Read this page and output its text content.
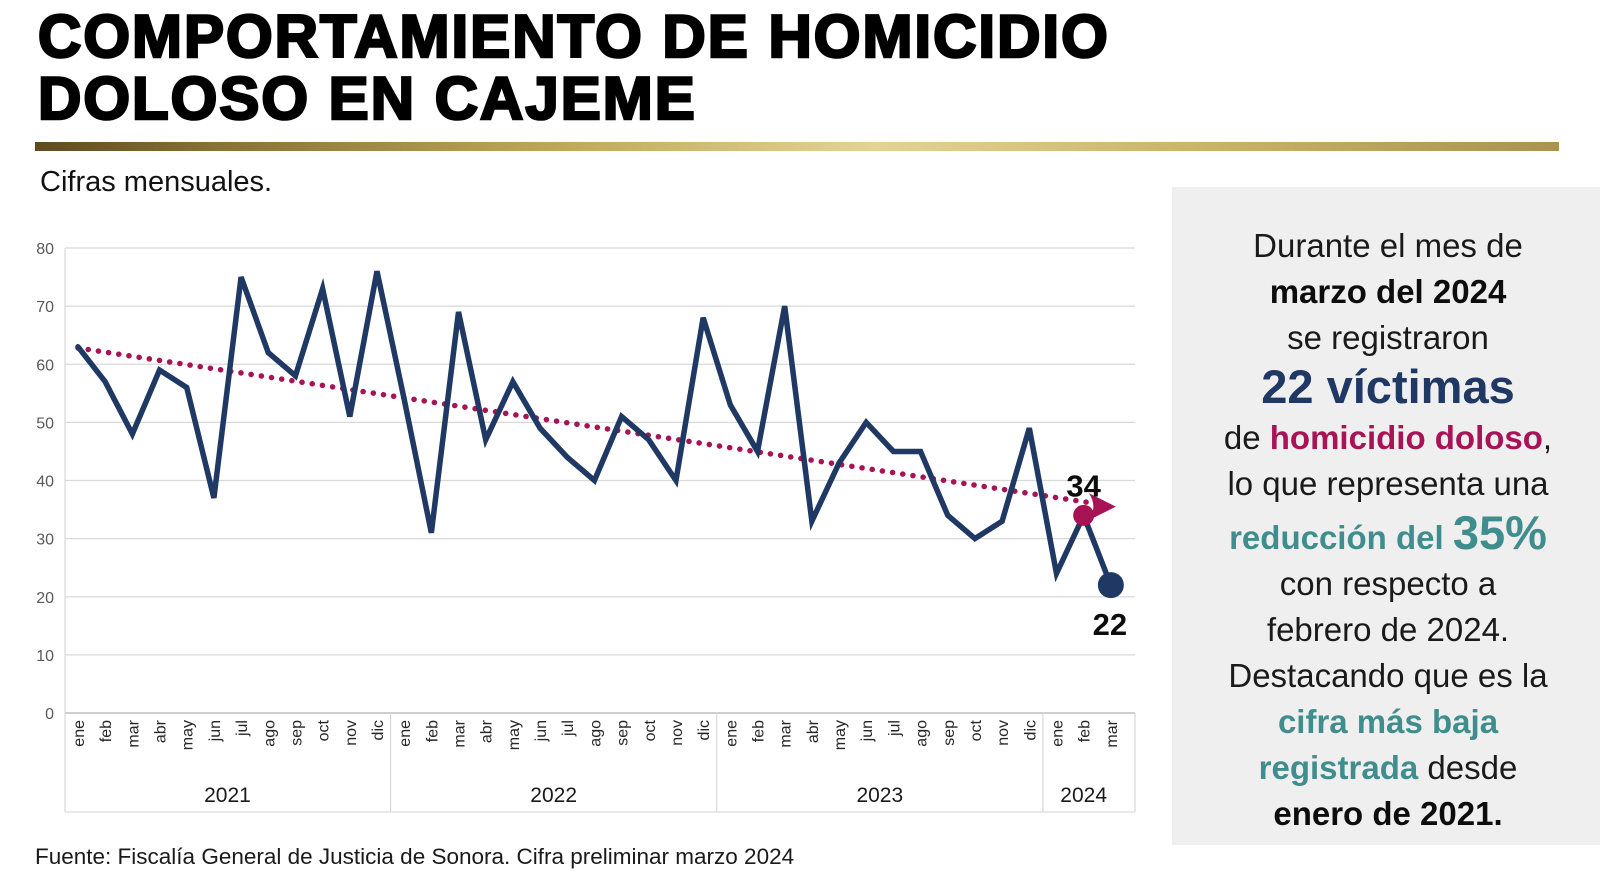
COMPORTAMIENTO DE HOMICIDIO
DOLOSO EN CAJEME
Cifras mensuales.
0
10
20
30
40
50
60
70
80
2021	2022	2023	2024
ene feb mar abr may jun jul ago sep oct nov dic ene feb mar abr may jun jul ago sep oct nov dic ene feb mar abr may jun jul ago sep oct nov dic ene feb mar
34
22
Durante el mes de
marzo del 2024
se registraron
22 víctimas
de homicidio doloso,
lo que representa una
reducción del 35%
con respecto a
febrero de 2024.
Destacando que es la
cifra más baja
registrada desde
enero de 2021.
Fuente: Fiscalía General de Justicia de Sonora. Cifra preliminar marzo 2024
